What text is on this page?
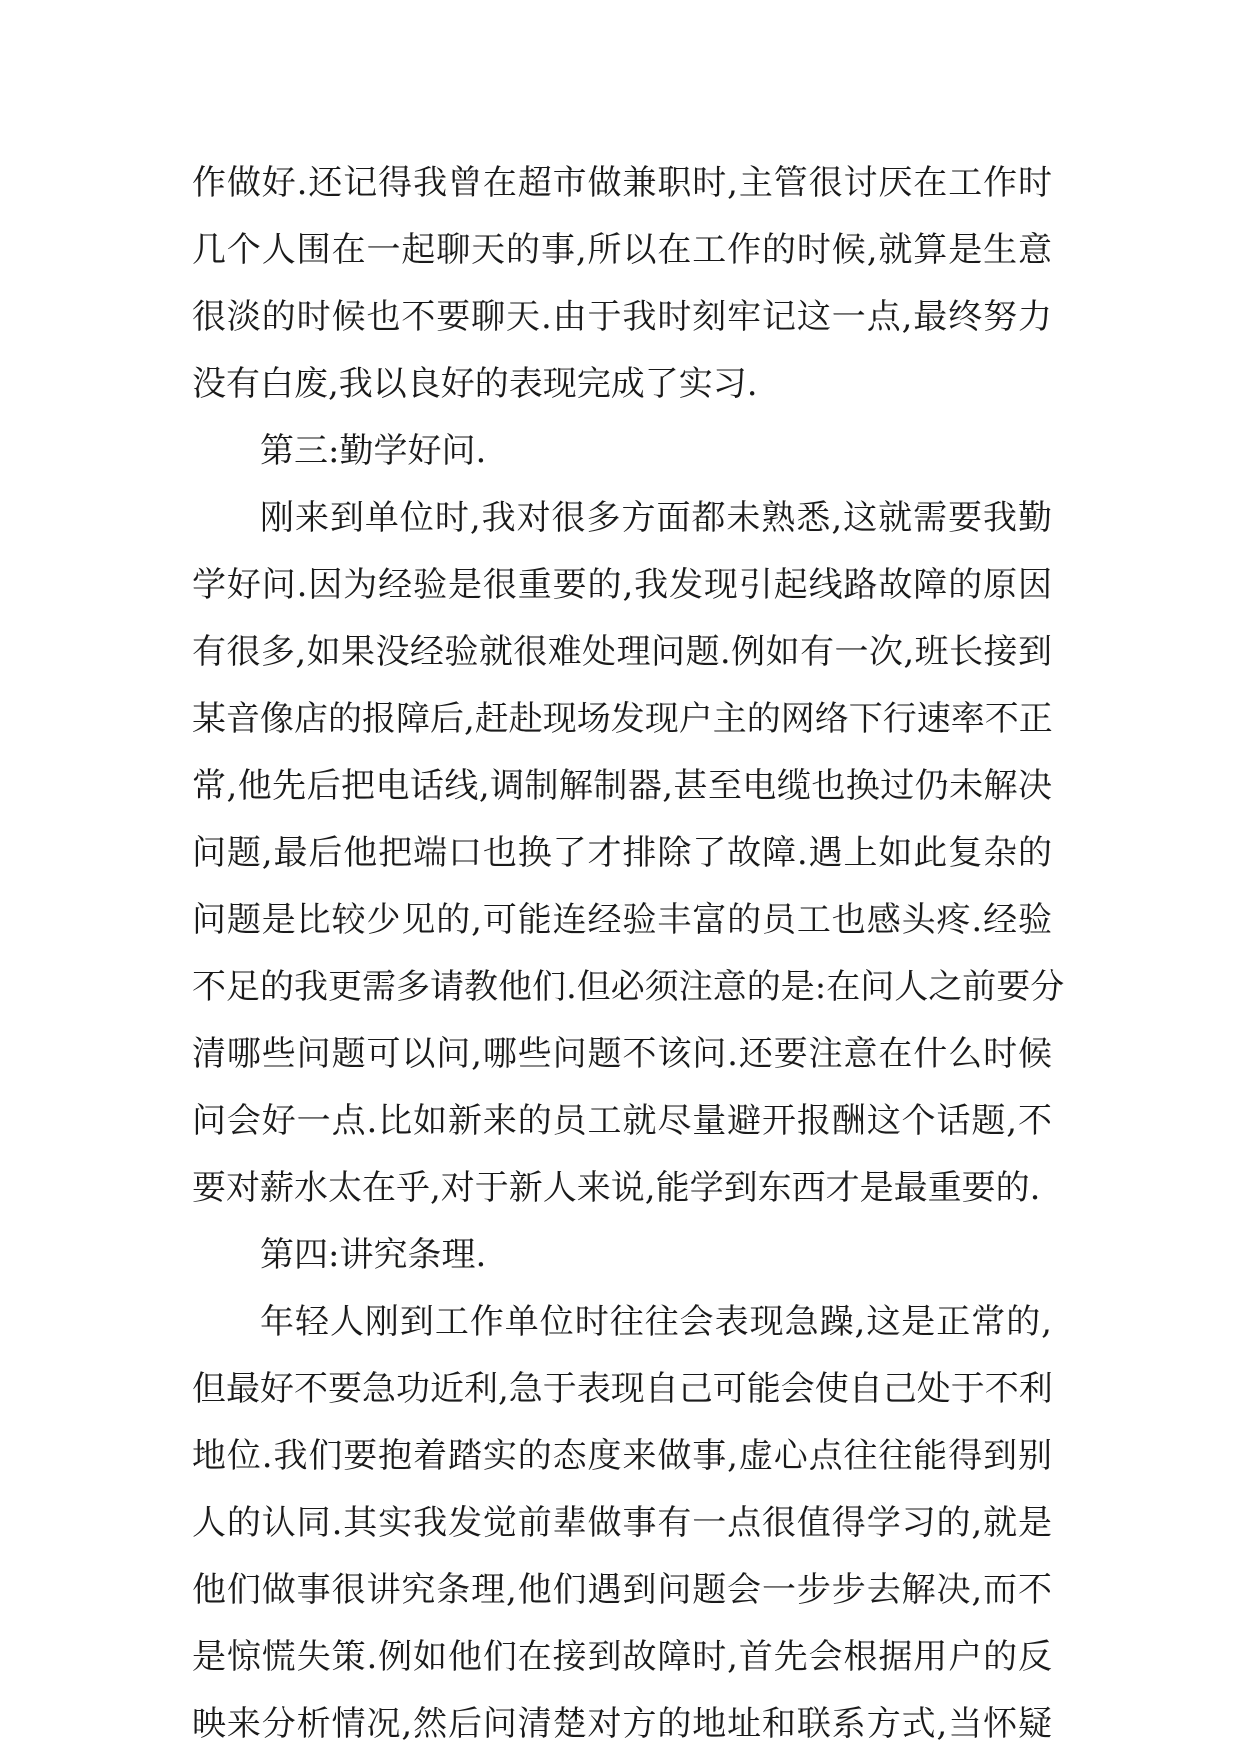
作做好.还记得我曾在超市做兼职时,主管很讨厌在工作时
几个人围在一起聊天的事,所以在工作的时候,就算是生意
很淡的时候也不要聊天.由于我时刻牢记这一点,最终努力
没有白废,我以良好的表现完成了实习.
第三:勤学好问.
刚来到单位时,我对很多方面都未熟悉,这就需要我勤
学好问.因为经验是很重要的,我发现引起线路故障的原因
有很多,如果没经验就很难处理问题.例如有一次,班长接到
某音像店的报障后,赶赴现场发现户主的网络下行速率不正
常,他先后把电话线,调制解制器,甚至电缆也换过仍未解决
问题,最后他把端口也换了才排除了故障.遇上如此复杂的
问题是比较少见的,可能连经验丰富的员工也感头疼.经验
不足的我更需多请教他们.但必须注意的是:在问人之前要分
清哪些问题可以问,哪些问题不该问.还要注意在什么时候
问会好一点.比如新来的员工就尽量避开报酬这个话题,不
要对薪水太在乎,对于新人来说,能学到东西才是最重要的.
第四:讲究条理.
年轻人刚到工作单位时往往会表现急躁,这是正常的,
但最好不要急功近利,急于表现自己可能会使自己处于不利
地位.我们要抱着踏实的态度来做事,虚心点往往能得到别
人的认同.其实我发觉前辈做事有一点很值得学习的,就是
他们做事很讲究条理,他们遇到问题会一步步去解决,而不
是惊慌失策.例如他们在接到故障时,首先会根据用户的反
映来分析情况,然后问清楚对方的地址和联系方式,当怀疑
